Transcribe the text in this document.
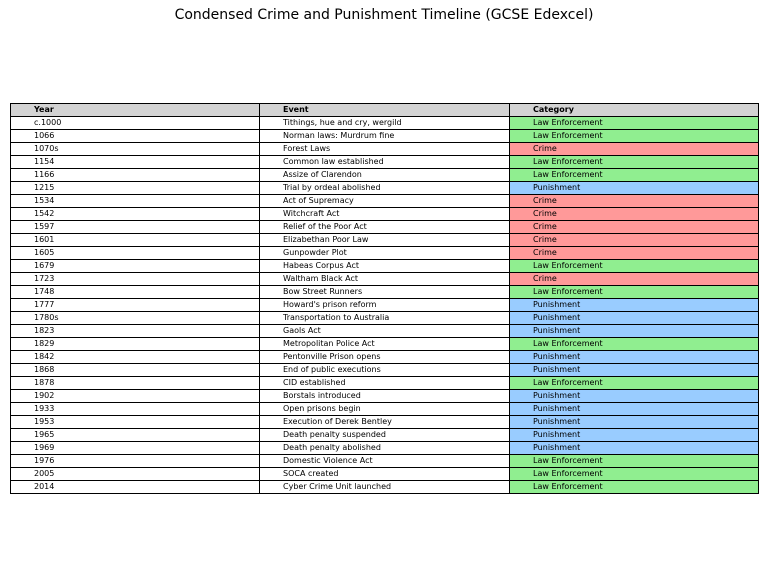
Condensed Crime and Punishment Timeline (GCSE Edexcel)
Year	Event	Category
c.1000	Tithings, hue and cry, wergild	Law Enforcement
1066	Norman laws: Murdrum fine	Law Enforcement
1070s	Forest Laws	Crime
1154	Common law established	Law Enforcement
1166	Assize of Clarendon	Law Enforcement
1215	Trial by ordeal abolished	Punishment
1534	Act of Supremacy	Crime
1542	Witchcraft Act	Crime
1597	Relief of the Poor Act	Crime
1601	Elizabethan Poor Law	Crime
1605	Gunpowder Plot	Crime
1679	Habeas Corpus Act	Law Enforcement
1723	Waltham Black Act	Crime
1748	Bow Street Runners	Law Enforcement
1777	Howard's prison reform	Punishment
1780s	Transportation to Australia	Punishment
1823	Gaols Act	Punishment
1829	Metropolitan Police Act	Law Enforcement
1842	Pentonville Prison opens	Punishment
1868	End of public executions	Punishment
1878	CID established	Law Enforcement
1902	Borstals introduced	Punishment
1933	Open prisons begin	Punishment
1953	Execution of Derek Bentley	Punishment
1965	Death penalty suspended	Punishment
1969	Death penalty abolished	Punishment
1976	Domestic Violence Act	Law Enforcement
2005	SOCA created	Law Enforcement
2014	Cyber Crime Unit launched	Law Enforcement
